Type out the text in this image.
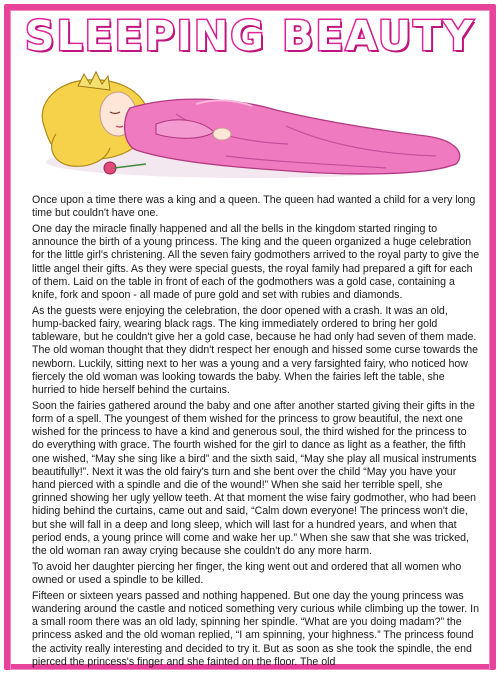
SLEEPING BEAUTY

Once upon a time there was a king and a queen. The queen had wanted a child for a very long time but couldn't have one.

One day the miracle finally happened and all the bells in the kingdom started ringing to announce the birth of a young princess. The king and the queen organized a huge celebration for the little girl's christening. All the seven fairy godmothers arrived to the royal party to give the little angel their gifts. As they were special guests, the royal family had prepared a gift for each of them. Laid on the table in front of each of the godmothers was a gold case, containing a knife, fork and spoon - all made of pure gold and set with rubies and diamonds.

As the guests were enjoying the celebration, the door opened with a crash. It was an old, hump-backed fairy, wearing black rags. The king immediately ordered to bring her gold tableware, but he couldn't give her a gold case, because he had only had seven of them made. The old woman thought that they didn't respect her enough and hissed some curse towards the newborn. Luckily, sitting next to her was a young and a very farsighted fairy, who noticed how fiercely the old woman was looking towards the baby. When the fairies left the table, she hurried to hide herself behind the curtains.

Soon the fairies gathered around the baby and one after another started giving their gifts in the form of a spell. The youngest of them wished for the princess to grow beautiful, the next one wished for the princess to have a kind and generous soul, the third wished for the princess to do everything with grace. The fourth wished for the girl to dance as light as a feather, the fifth one wished, “May she sing like a bird” and the sixth said, “May she play all musical instruments beautifully!”. Next it was the old fairy's turn and she bent over the child “May you have your hand pierced with a spindle and die of the wound!” When she said her terrible spell, she grinned showing her ugly yellow teeth. At that moment the wise fairy godmother, who had been hiding behind the curtains, came out and said, “Calm down everyone! The princess won't die, but she will fall in a deep and long sleep, which will last for a hundred years, and when that period ends, a young prince will come and wake her up.” When she saw that she was tricked, the old woman ran away crying because she couldn't do any more harm.

To avoid her daughter piercing her finger, the king went out and ordered that all women who owned or used a spindle to be killed.

Fifteen or sixteen years passed and nothing happened. But one day the young princess was wandering around the castle and noticed something very curious while climbing up the tower. In a small room there was an old lady, spinning her spindle. “What are you doing madam?” the princess asked and the old woman replied, “I am spinning, your highness.” The princess found the activity really interesting and decided to try it. But as soon as she took the spindle, the end pierced the princess's finger and she fainted on the floor. The old
